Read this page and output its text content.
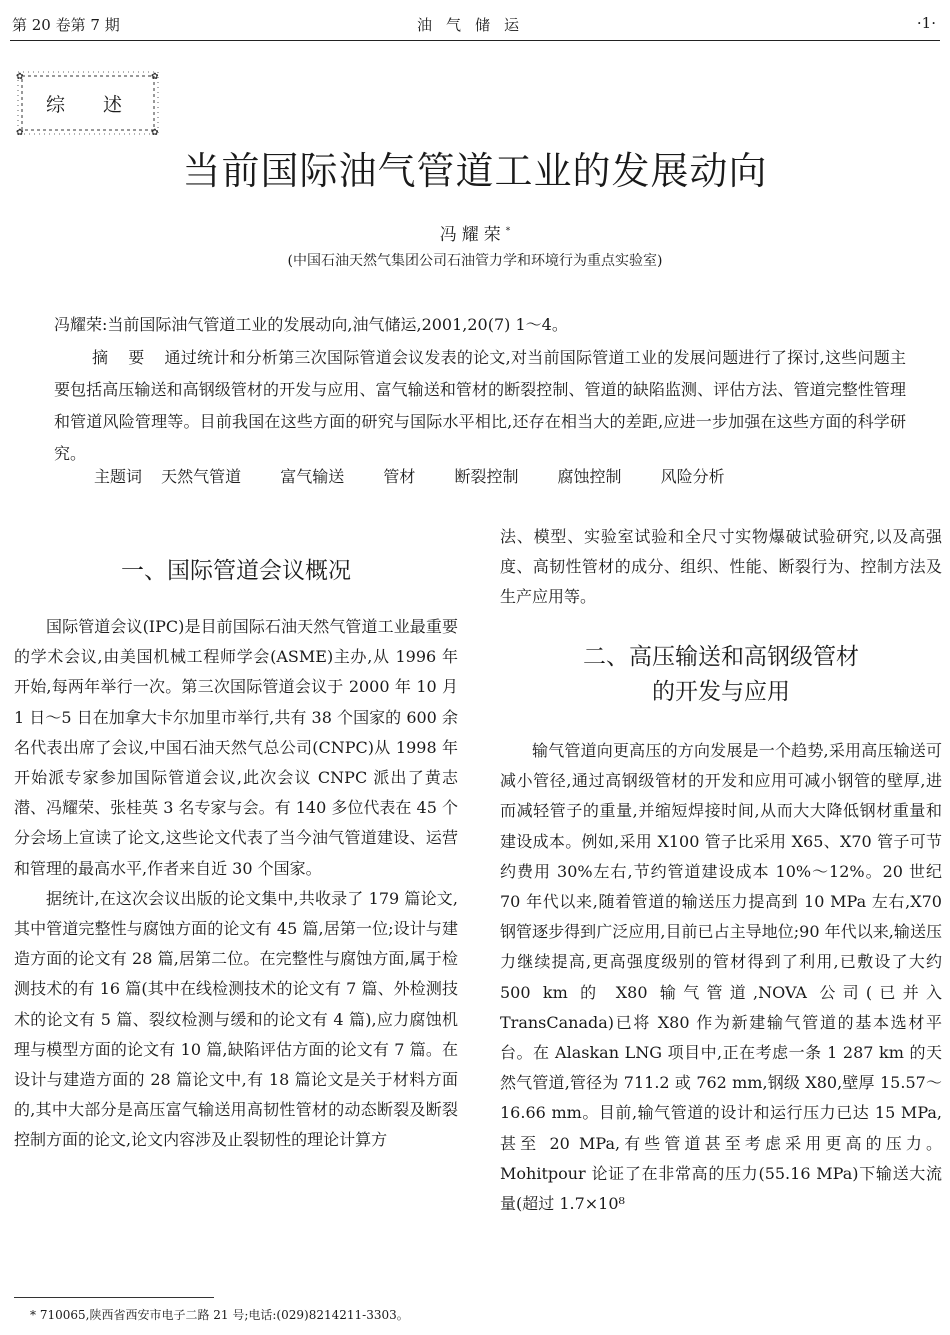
第 20 卷第 7 期	油气储运	·1·
✿	✿
✿	✿
综述
当前国际油气管道工业的发展动向
冯耀荣*
(中国石油天然气集团公司石油管力学和环境行为重点实验室)
冯耀荣:当前国际油气管道工业的发展动向,油气储运,2001,20(7) 1～4。
摘要通过统计和分析第三次国际管道会议发表的论文,对当前国际管道工业的发展问题进行了探讨,这些问题主要包括高压输送和高钢级管材的开发与应用、富气输送和管材的断裂控制、管道的缺陷监测、评估方法、管道完整性管理和管道风险管理等。目前我国在这些方面的研究与国际水平相比,还存在相当大的差距,应进一步加强在这些方面的科学研究。
主题词 天然气管道 富气输送 管材 断裂控制 腐蚀控制 风险分析
一、国际管道会议概况

国际管道会议(IPC)是目前国际石油天然气管道工业最重要的学术会议,由美国机械工程师学会(ASME)主办,从 1996 年开始,每两年举行一次。第三次国际管道会议于 2000 年 10 月 1 日～5 日在加拿大卡尔加里市举行,共有 38 个国家的 600 余名代表出席了会议,中国石油天然气总公司(CNPC)从 1998 年开始派专家参加国际管道会议,此次会议 CNPC 派出了黄志潜、冯耀荣、张桂英 3 名专家与会。有 140 多位代表在 45 个分会场上宣读了论文,这些论文代表了当今油气管道建设、运营和管理的最高水平,作者来自近 30 个国家。

据统计,在这次会议出版的论文集中,共收录了 179 篇论文,其中管道完整性与腐蚀方面的论文有 45 篇,居第一位;设计与建造方面的论文有 28 篇,居第二位。在完整性与腐蚀方面,属于检测技术的有 16 篇(其中在线检测技术的论文有 7 篇、外检测技术的论文有 5 篇、裂纹检测与缓和的论文有 4 篇),应力腐蚀机理与模型方面的论文有 10 篇,缺陷评估方面的论文有 7 篇。在设计与建造方面的 28 篇论文中,有 18 篇论文是关于材料方面的,其中大部分是高压富气输送用高韧性管材的动态断裂及断裂控制方面的论文,论文内容涉及止裂韧性的理论计算方

法、模型、实验室试验和全尺寸实物爆破试验研究,以及高强度、高韧性管材的成分、组织、性能、断裂行为、控制方法及生产应用等。

二、高压输送和高钢级管材
的开发与应用

输气管道向更高压的方向发展是一个趋势,采用高压输送可减小管径,通过高钢级管材的开发和应用可减小钢管的壁厚,进而减轻管子的重量,并缩短焊接时间,从而大大降低钢材重量和建设成本。例如,采用 X100 管子比采用 X65、X70 管子可节约费用 30%左右,节约管道建设成本 10%～12%。20 世纪 70 年代以来,随着管道的输送压力提高到 10 MPa 左右,X70 钢管逐步得到广泛应用,目前已占主导地位;90 年代以来,输送压力继续提高,更高强度级别的管材得到了利用,已敷设了大约 500 km 的 X80 输气管道,NOVA 公司(已并入 TransCanada)已将 X80 作为新建输气管道的基本选材平台。在 Alaskan LNG 项目中,正在考虑一条 1 287 km 的天然气管道,管径为 711.2 或 762 mm,钢级 X80,壁厚 15.57～16.66 mm。目前,输气管道的设计和运行压力已达 15 MPa,甚至 20 MPa,有些管道甚至考虑采用更高的压力。Mohitpour 论证了在非常高的压力(55.16 MPa)下输送大流量(超过 1.7×10⁸

* 710065,陕西省西安市电子二路 21 号;电话:(029)8214211-3303。
